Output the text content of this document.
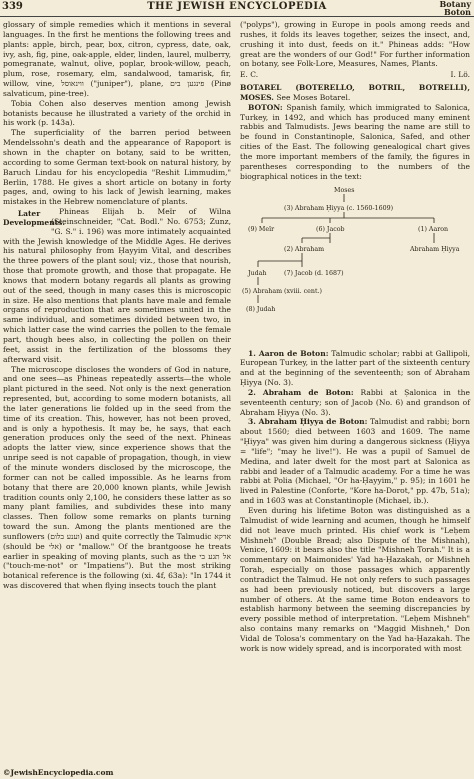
339	THE JEWISH ENCYCLOPEDIA	Botany
Boton

glossary of simple remedies which it mentions in several languages. In the first he mentions the following trees and plants: apple, birch, pear, box, citron, cypress, date, oak, ivy, ash, fig, pine, oak-apple, elder, linden, laurel, mulberry, pomegranate, walnut, olive, poplar, brook-willow, peach, plum, rose, rosemary, elm, sandalwood, tamarisk, fir, willow, vine, ווינאוסל ("juniper"), plane, פינגען בים (Pinø salvaticum, pine-tree).

Tobia Cohen also deserves mention among Jewish botanists because he illustrated a variety of the orchid in his work (p. 143a).

The superficiality of the barren period between Mendelssohn's death and the appearance of Rapoport is shown in the chapter on botany, said to be written, according to some German text-book on natural history, by Baruch Lindau for his encyclopedia "Reshit Limmudim," Berlin, 1788. He gives a short article on botany in forty pages, and, owing to his lack of Jewish learning, makes mistakes in the Hebrew nomenclature of plants.

Later Developments.
Phineas Elijah b. Meïr of Wilna (Steinschneider, "Cat. Bodl." No. 6753; Zunz, "G. S." i. 196) was more intimately acquainted with the Jewish knowledge of the Middle Ages. He derives his natural philosophy from Ḥayyim Vital, and describes the three powers of the plant soul; viz., those that nourish, those that promote growth, and those that propagate. He knows that modern botany regards all plants as growing out of the seed, though in many cases this is microscopic in size. He also mentions that plants have male and female organs of reproduction that are sometimes united in the same individual, and sometimes divided between two, in which latter case the wind carries the pollen to the female part, though bees also, in collecting the pollen on their feet, assist in the fertilization of the blossoms they afterward visit.

The microscope discloses the wonders of God in nature, and one sees—as Phineas repeatedly asserts—the whole plant pictured in the seed. Not only is the next generation represented, but, according to some modern botanists, all the later generations lie folded up in the seed from the time of its creation. This, however, has not been proved, and is only a hypothesis. It may be, he says, that each generation produces only the seed of the next. Phineas adopts the latter view, since experience shows that the unripe seed is not capable of propagation, though, in view of the minute wonders disclosed by the microscope, the former can not be called impossible. As he learns from botany that there are 20,000 known plants, while Jewish tradition counts only 2,100, he considers these latter as so many plant families, and subdivides these into many classes. Then follow some remarks on plants turning toward the sun. Among the plants mentioned are the sunflowers (וענע בלום) and quite correctly the Talmudic ארקא (should be אלי) or "mallow." Of the brantgoose he treats earlier in speaking of moving plants, such as the אל תגע בי ("touch-me-not" or "Impatiens"). But the most striking botanical reference is the following (xi. 4f, 63a): "In 1744 it was discovered that when flying insects touch the plant

("polyps"), growing in Europe in pools among reeds and rushes, it folds its leaves together, seizes the insect, and, crushing it into dust, feeds on it." Phineas adds: "How great are the wonders of our God!" For further information on botany, see Folk-Lore, Measures, Names, Plants.

E. C.	I. Lö.

BOTAREL (BOTERELLO, BOTRIL, BOTRELLI), MOSES. See Moses Botarel.

BOTON: Spanish family, which immigrated to Salonica, Turkey, in 1492, and which has produced many eminent rabbis and Talmudists. Jews bearing the name are still to be found in Constantinople, Salonica, Safed, and other cities of the East. The following genealogical chart gives the more important members of the family, the figures in parentheses corresponding to the numbers of the biographical notices in the text:

Moses
(3) Abraham Ḥiyya (c. 1560-1609)
(9) Meïr	(6) Jacob	(1) Aaron
(2) Abraham	Abraham Ḥiyya
(7) Jacob (d. 1687)
Judah
(5) Abraham (xviii. cent.)
(8) Judah

1. Aaron de Boton: Talmudic scholar; rabbi at Gallipoli, European Turkey, in the latter part of the sixteenth century and at the beginning of the seventeenth; son of Abraham Ḥiyya (No. 3).

2. Abraham de Boton: Rabbi at Ṣalonica in the seventeenth century; son of Jacob (No. 6) and grandson of Abraham Ḥiyya (No. 3).

3. Abraham Ḥiyya de Boton: Talmudist and rabbi; born about 1560; died between 1603 and 1609. The name "Ḥiyya" was given him during a dangerous sickness (Ḥiyya = "life"; "may he live!"). He was a pupil of Samuel de Medina, and later dwelt for the most part at Salonica as rabbi and leader of a Talmudic academy. For a time he was rabbi at Polia (Michael, "Or ha-Ḥayyim," p. 95); in 1601 he lived in Palestine (Conforte, "Kore ha-Dorot," pp. 47b, 51a); and in 1603 was at Constantinople (Michael, ib.).

Even during his lifetime Boton was distinguished as a Talmudist of wide learning and acumen, though he himself did not leave much printed. His chief work is "Leḥem Mishneh" (Double Bread; also Dispute of the Mishnah), Venice, 1609: it bears also the title "Mishneh Torah." It is a commentary on Maimonides' Yad ha-Ḥazakah, or Mishneh Torah, especially on those passages which apparently contradict the Talmud. He not only refers to such passages as had been previously noticed, but discovers a large number of others. At the same time Boton endeavors to establish harmony between the seeming discrepancies by every possible method of interpretation. "Leḥem Mishneh" also contains many remarks on "Maggid Mishneh," Don Vidal de Tolosa's commentary on the Yad ha-Ḥazakah. The work is now widely spread, and is incorporated with most

©JewishEncyclopedia.com
